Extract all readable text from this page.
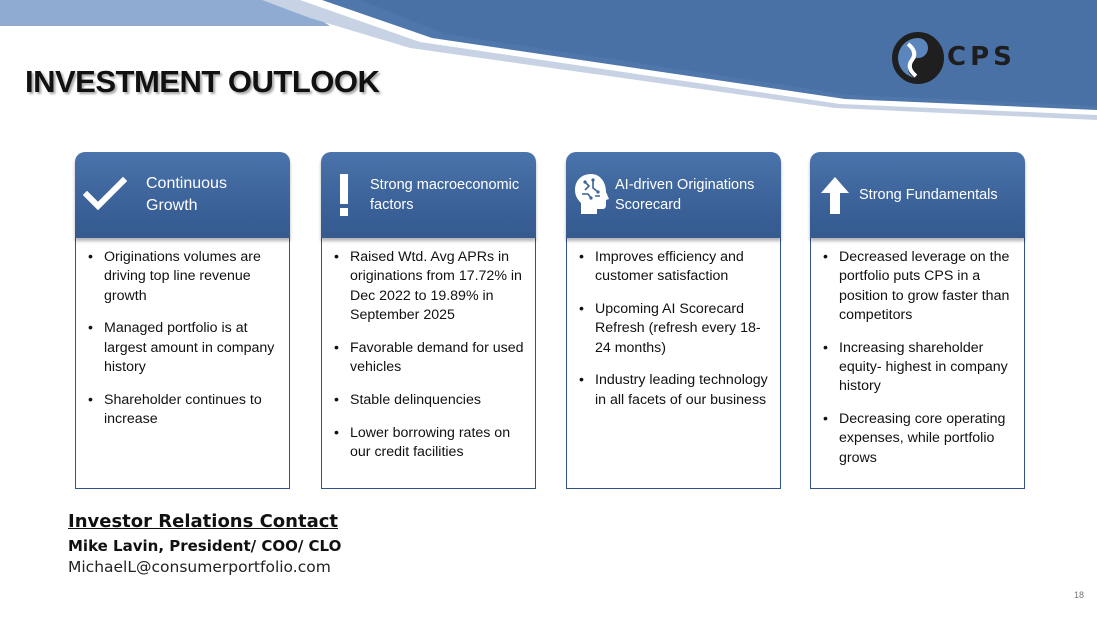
CPS
INVESTMENT OUTLOOK
Continuous Growth
• Originations volumes are driving top line revenue growth
• Managed portfolio is at largest amount in company history
• Shareholder continues to increase
Strong macroeconomic factors
• Raised Wtd. Avg APRs in originations from 17.72% in Dec 2022 to 19.89% in September 2025
• Favorable demand for used vehicles
• Stable delinquencies
• Lower borrowing rates on our credit facilities
AI-driven Originations Scorecard
• Improves efficiency and customer satisfaction
• Upcoming AI Scorecard Refresh (refresh every 18-24 months)
• Industry leading technology in all facets of our business
Strong Fundamentals
• Decreased leverage on the portfolio puts CPS in a position to grow faster than competitors
• Increasing shareholder equity- highest in company history
• Decreasing core operating expenses, while portfolio grows
Investor Relations Contact
Mike Lavin, President/ COO/ CLO
MichaelL@consumerportfolio.com
18
